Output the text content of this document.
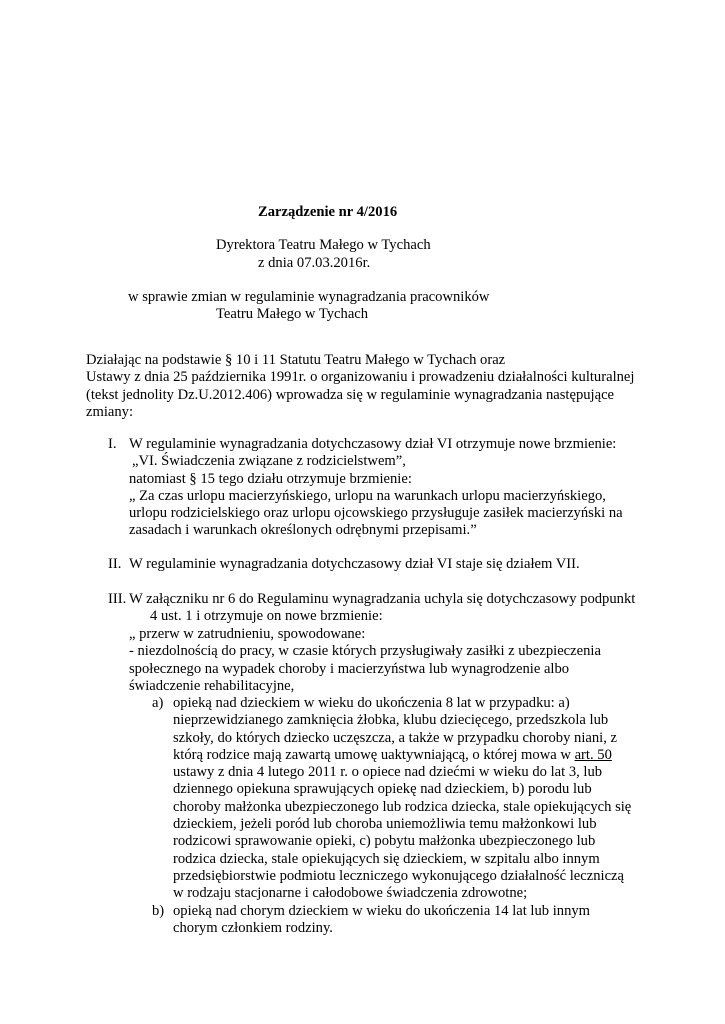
Zarządzenie nr 4/2016
Dyrektora Teatru Małego w Tychach
z dnia 07.03.2016r.
w sprawie zmian w regulaminie wynagradzania pracowników
Teatru Małego w Tychach
Działając na podstawie § 10 i 11 Statutu Teatru Małego w Tychach oraz
Ustawy z dnia 25 października 1991r. o organizowaniu i prowadzeniu działalności kulturalnej
(tekst jednolity Dz.U.2012.406) wprowadza się w regulaminie wynagradzania następujące
zmiany:
I. W regulaminie wynagradzania dotychczasowy dział VI otrzymuje nowe brzmienie:
„VI. Świadczenia związane z rodzicielstwem”,
natomiast § 15 tego działu otrzymuje brzmienie:
„ Za czas urlopu macierzyńskiego, urlopu na warunkach urlopu macierzyńskiego,
urlopu rodzicielskiego oraz urlopu ojcowskiego przysługuje zasiłek macierzyński na
zasadach i warunkach określonych odrębnymi przepisami.”
II. W regulaminie wynagradzania dotychczasowy dział VI staje się działem VII.
III. W załączniku nr 6 do Regulaminu wynagradzania uchyla się dotychczasowy podpunkt
4 ust. 1 i otrzymuje on nowe brzmienie:
„ przerw w zatrudnieniu, spowodowane:
- niezdolnością do pracy, w czasie których przysługiwały zasiłki z ubezpieczenia
społecznego na wypadek choroby i macierzyństwa lub wynagrodzenie albo
świadczenie rehabilitacyjne,
a) opieką nad dzieckiem w wieku do ukończenia 8 lat w przypadku: a)
nieprzewidzianego zamknięcia żłobka, klubu dziecięcego, przedszkola lub
szkoły, do których dziecko uczęszcza, a także w przypadku choroby niani, z
którą rodzice mają zawartą umowę uaktywniającą, o której mowa w art. 50
ustawy z dnia 4 lutego 2011 r. o opiece nad dziećmi w wieku do lat 3, lub
dziennego opiekuna sprawujących opiekę nad dzieckiem, b) porodu lub
choroby małżonka ubezpieczonego lub rodzica dziecka, stale opiekujących się
dzieckiem, jeżeli poród lub choroba uniemożliwia temu małżonkowi lub
rodzicowi sprawowanie opieki, c) pobytu małżonka ubezpieczonego lub
rodzica dziecka, stale opiekujących się dzieckiem, w szpitalu albo innym
przedsiębiorstwie podmiotu leczniczego wykonującego działalność leczniczą
w rodzaju stacjonarne i całodobowe świadczenia zdrowotne;
b) opieką nad chorym dzieckiem w wieku do ukończenia 14 lat lub innym
chorym członkiem rodziny.
